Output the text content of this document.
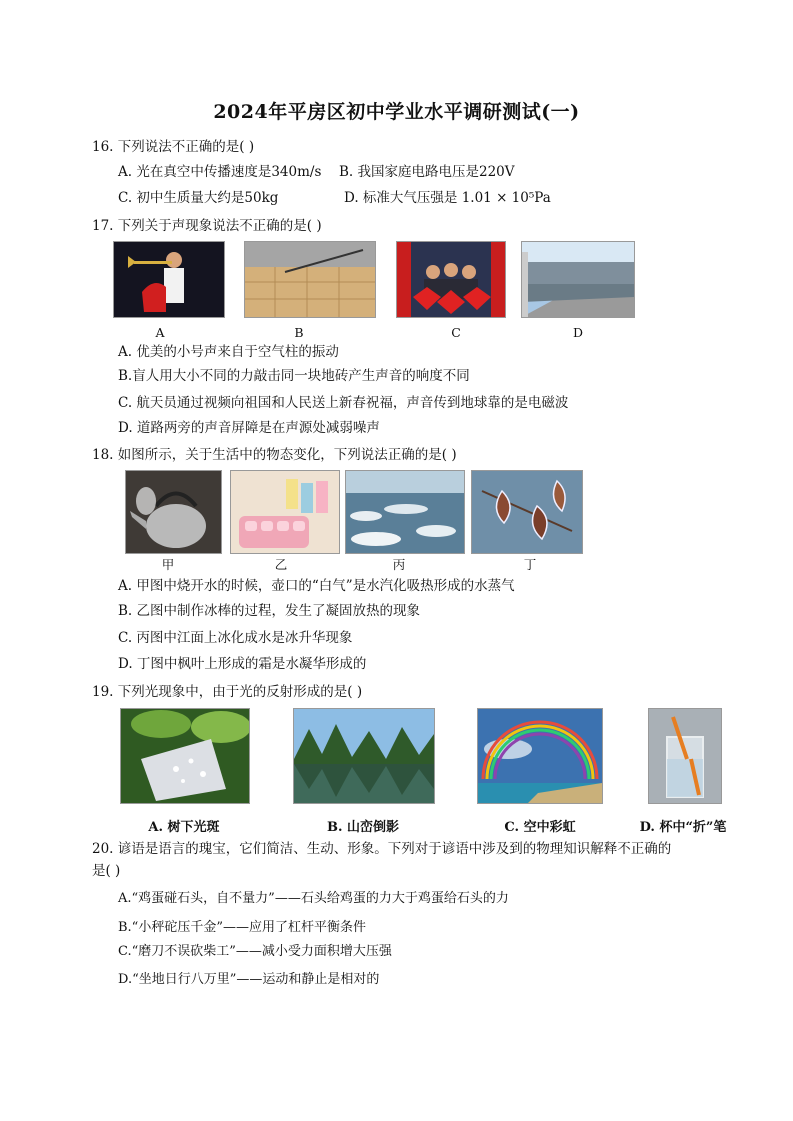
2024年平房区初中学业水平调研测试(一)
16. 下列说法不正确的是( )
A. 光在真空中传播速度是340m/s B. 我国家庭电路电压是220V
C. 初中生质量大约是50kg	D. 标准大气压强是 1.01 × 10⁵Pa
17. 下列关于声现象说法不正确的是( )
A	B	C	D
A. 优美的小号声来自于空气柱的振动
B.盲人用大小不同的力敲击同一块地砖产生声音的响度不同
C. 航天员通过视频向祖国和人民送上新春祝福，声音传到地球靠的是电磁波
D. 道路两旁的声音屏障是在声源处减弱噪声
18. 如图所示，关于生活中的物态变化，下列说法正确的是( )
甲	乙	丙	丁
A. 甲图中烧开水的时候，壶口的“白气”是水汽化吸热形成的水蒸气
B. 乙图中制作冰棒的过程，发生了凝固放热的现象
C. 丙图中江面上冰化成水是冰升华现象
D. 丁图中枫叶上形成的霜是水凝华形成的
19. 下列光现象中，由于光的反射形成的是( )
A. 树下光斑	B. 山峦倒影	C. 空中彩虹	D. 杯中“折”笔
20. 谚语是语言的瑰宝，它们简洁、生动、形象。下列对于谚语中涉及到的物理知识解释不正确的
是( )
A.“鸡蛋碰石头，自不量力”——石头给鸡蛋的力大于鸡蛋给石头的力
B.“小秤砣压千金”——应用了杠杆平衡条件
C.“磨刀不误砍柴工”——减小受力面积增大压强
D.“坐地日行八万里”——运动和静止是相对的
